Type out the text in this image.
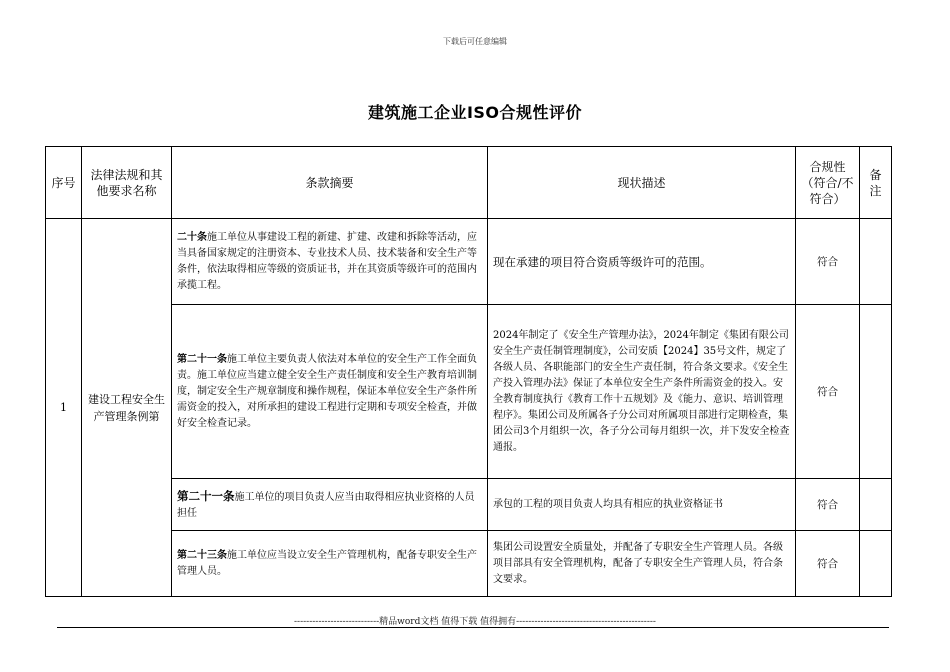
下载后可任意编辑
建筑施工企业ISO合规性评价
序号	法律法规和其他要求名称	条款摘要	现状描述	合规性（符合/不符合）	备注
1	建设工程安全生产管理条例第	二十条施工单位从事建设工程的新建、扩建、改建和拆除等活动，应当具备国家规定的注册资本、专业技术人员、技术装备和安全生产等条件，依法取得相应等级的资质证书，并在其资质等级许可的范围内承揽工程。	现在承建的项目符合资质等级许可的范围。	符合	
		第二十一条施工单位主要负责人依法对本单位的安全生产工作全面负责。施工单位应当建立健全安全生产责任制度和安全生产教育培训制度，制定安全生产规章制度和操作规程，保证本单位安全生产条件所需资金的投入，对所承担的建设工程进行定期和专项安全检查，并做好安全检查记录。	2024年制定了《安全生产管理办法》，2024年制定《集团有限公司安全生产责任制管理制度》，公司安质【2024】35号文件，规定了各级人员、各职能部门的安全生产责任制，符合条文要求。《安全生产投入管理办法》保证了本单位安全生产条件所需资金的投入。安全教育制度执行《教育工作十五规划》及《能力、意识、培训管理程序》。集团公司及所属各子分公司对所属项目部进行定期检查，集团公司3个月组织一次，各子分公司每月组织一次，并下发安全检查通报。	符合	
		第二十一条施工单位的项目负责人应当由取得相应执业资格的人员担任	承包的工程的项目负责人均具有相应的执业资格证书	符合	
		第二十三条施工单位应当设立安全生产管理机构，配备专职安全生产管理人员。	集团公司设置安全质量处，并配备了专职安全生产管理人员。各级项目部具有安全管理机构，配备了专职安全生产管理人员，符合条文要求。	符合	
----------------------------精品word文档 值得下载 值得拥有----------------------------------------------
